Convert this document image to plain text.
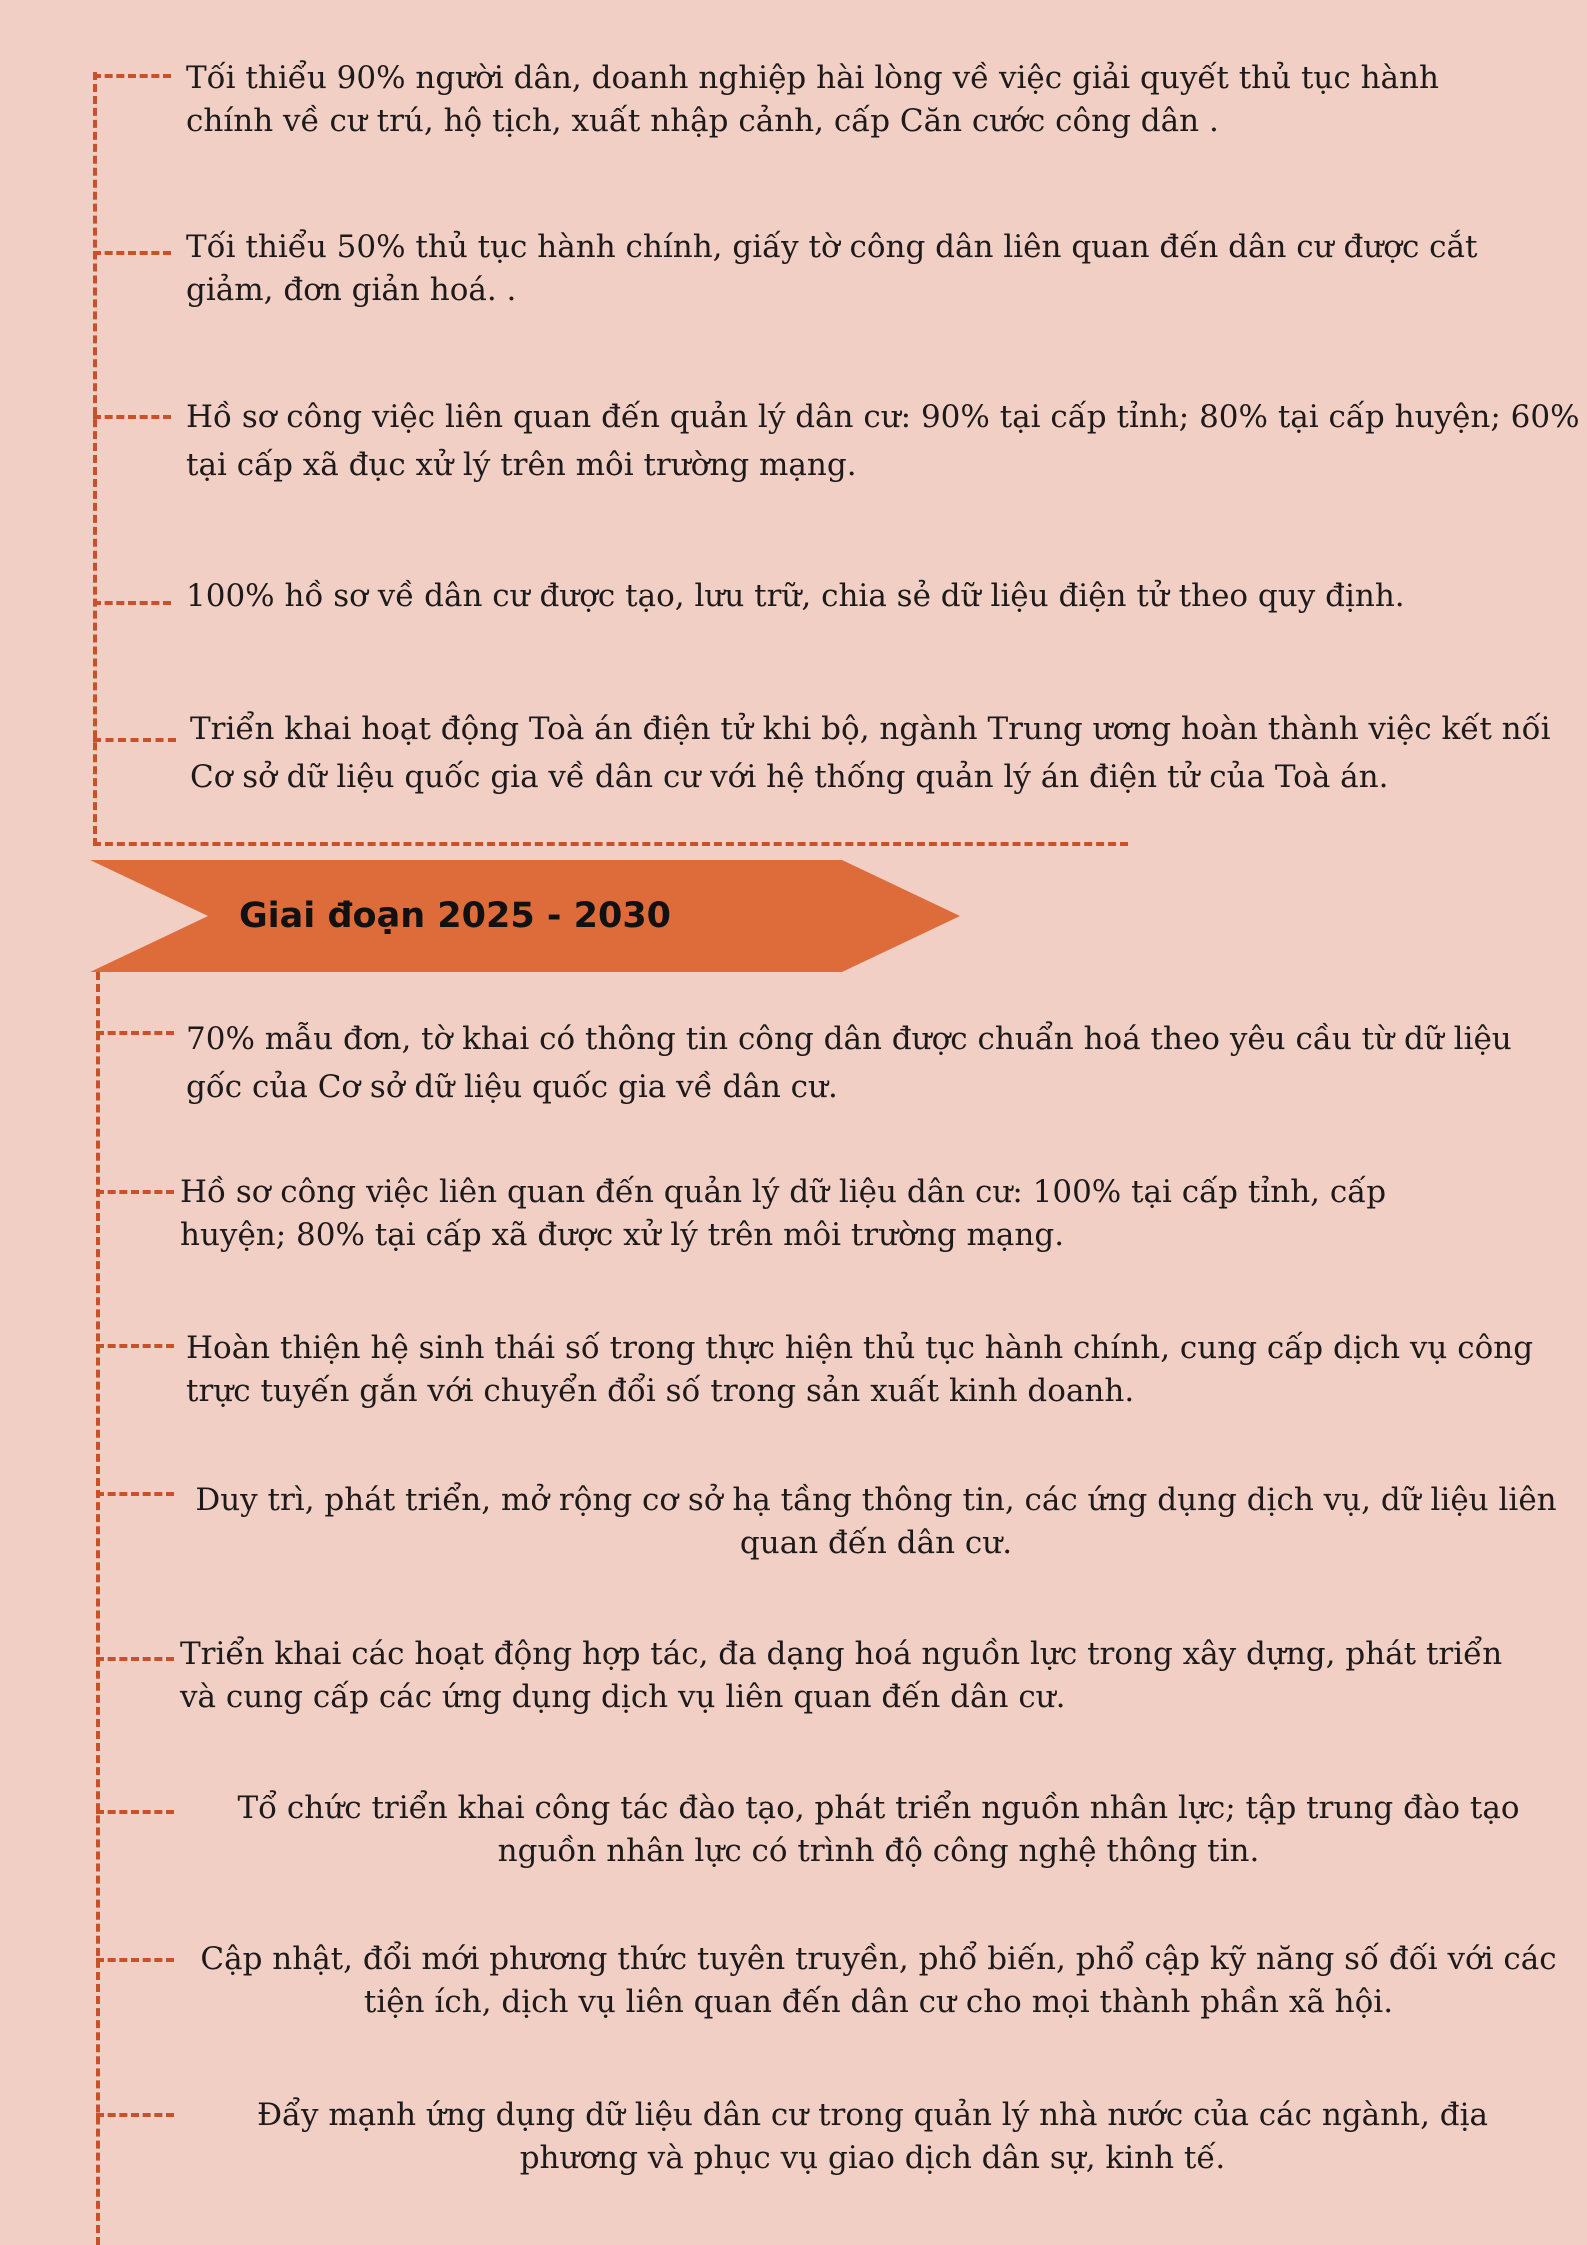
Tối thiểu 90% người dân, doanh nghiệp hài lòng về việc giải quyết thủ tục hành chính về cư trú, hộ tịch, xuất nhập cảnh, cấp Căn cước công dân .

Tối thiểu 50% thủ tục hành chính, giấy tờ công dân liên quan đến dân cư được cắt giảm, đơn giản hoá. .

Hồ sơ công việc liên quan đến quản lý dân cư: 90% tại cấp tỉnh; 80% tại cấp huyện; 60% tại cấp xã đục xử lý trên môi trường mạng.

100% hồ sơ về dân cư được tạo, lưu trữ, chia sẻ dữ liệu điện tử theo quy định.

Triển khai hoạt động Toà án điện tử khi bộ, ngành Trung ương hoàn thành việc kết nối Cơ sở dữ liệu quốc gia về dân cư với hệ thống quản lý án điện tử của Toà án.

Giai đoạn 2025 - 2030

70% mẫu đơn, tờ khai có thông tin công dân được chuẩn hoá theo yêu cầu từ dữ liệu gốc của Cơ sở dữ liệu quốc gia về dân cư.

Hồ sơ công việc liên quan đến quản lý dữ liệu dân cư: 100% tại cấp tỉnh, cấp huyện; 80% tại cấp xã được xử lý trên môi trường mạng.

Hoàn thiện hệ sinh thái số trong thực hiện thủ tục hành chính, cung cấp dịch vụ công trực tuyến gắn với chuyển đổi số trong sản xuất kinh doanh.

Duy trì, phát triển, mở rộng cơ sở hạ tầng thông tin, các ứng dụng dịch vụ, dữ liệu liên quan đến dân cư.

Triển khai các hoạt động hợp tác, đa dạng hoá nguồn lực trong xây dựng, phát triển và cung cấp các ứng dụng dịch vụ liên quan đến dân cư.

Tổ chức triển khai công tác đào tạo, phát triển nguồn nhân lực; tập trung đào tạo nguồn nhân lực có trình độ công nghệ thông tin.

Cập nhật, đổi mới phương thức tuyên truyền, phổ biến, phổ cập kỹ năng số đối với các tiện ích, dịch vụ liên quan đến dân cư cho mọi thành phần xã hội.

Đẩy mạnh ứng dụng dữ liệu dân cư trong quản lý nhà nước của các ngành, địa phương và phục vụ giao dịch dân sự, kinh tế.
